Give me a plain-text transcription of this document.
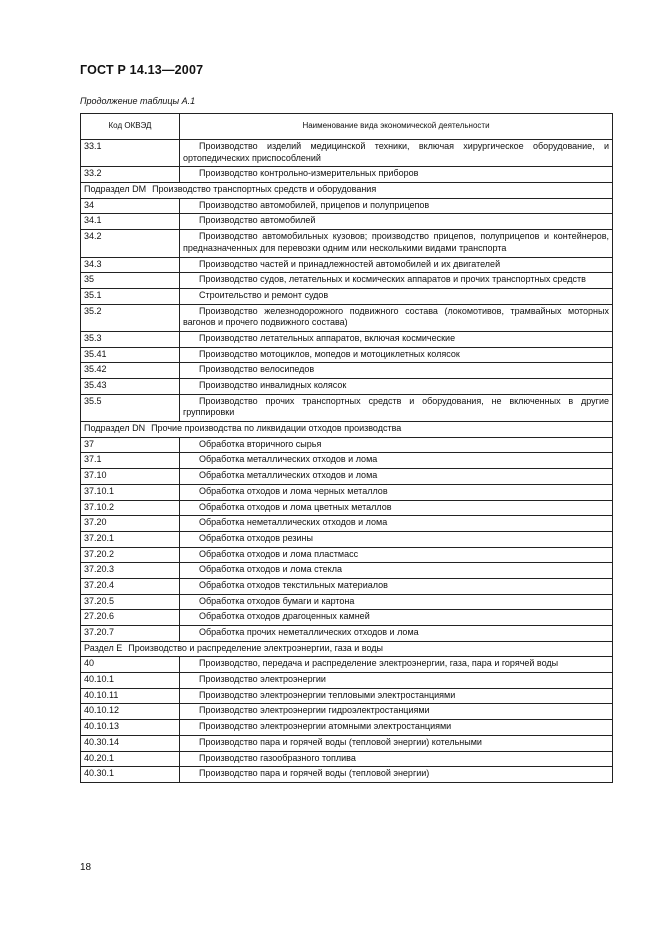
ГОСТ Р 14.13—2007
Продолжение таблицы А.1
Код ОКВЭД	Наименование вида экономической деятельности
33.1	Производство изделий медицинской техники, включая хирургическое оборудование, и ортопедических приспособлений
33.2	Производство контрольно-измерительных приборов
Подраздел DM Производство транспортных средств и оборудования	
34	Производство автомобилей, прицепов и полуприцепов
34.1	Производство автомобилей
34.2	Производство автомобильных кузовов; производство прицепов, полуприцепов и контейнеров, предназначенных для перевозки одним или несколькими видами транспорта
34.3	Производство частей и принадлежностей автомобилей и их двигателей
35	Производство судов, летательных и космических аппаратов и прочих транспортных средств
35.1	Строительство и ремонт судов
35.2	Производство железнодорожного подвижного состава (локомотивов, трамвайных моторных вагонов и прочего подвижного состава)
35.3	Производство летательных аппаратов, включая космические
35.41	Производство мотоциклов, мопедов и мотоциклетных колясок
35.42	Производство велосипедов
35.43	Производство инвалидных колясок
35.5	Производство прочих транспортных средств и оборудования, не включенных в другие группировки
Подраздел DN Прочие производства по ликвидации отходов производства	
37	Обработка вторичного сырья
37.1	Обработка металлических отходов и лома
37.10	Обработка металлических отходов и лома
37.10.1	Обработка отходов и лома черных металлов
37.10.2	Обработка отходов и лома цветных металлов
37.20	Обработка неметаллических отходов и лома
37.20.1	Обработка отходов резины
37.20.2	Обработка отходов и лома пластмасс
37.20.3	Обработка отходов и лома стекла
37.20.4	Обработка отходов текстильных материалов
37.20.5	Обработка отходов бумаги и картона
27.20.6	Обработка отходов драгоценных камней
37.20.7	Обработка прочих неметаллических отходов и лома
Раздел Е Производство и распределение электроэнергии, газа и воды	
40	Производство, передача и распределение электроэнергии, газа, пара и горячей воды
40.10.1	Производство электроэнергии
40.10.11	Производство электроэнергии тепловыми электростанциями
40.10.12	Производство электроэнергии гидроэлектростанциями
40.10.13	Производство электроэнергии атомными электростанциями
40.30.14	Производство пара и горячей воды (тепловой энергии) котельными
40.20.1	Производство газообразного топлива
40.30.1	Производство пара и горячей воды (тепловой энергии)
18
